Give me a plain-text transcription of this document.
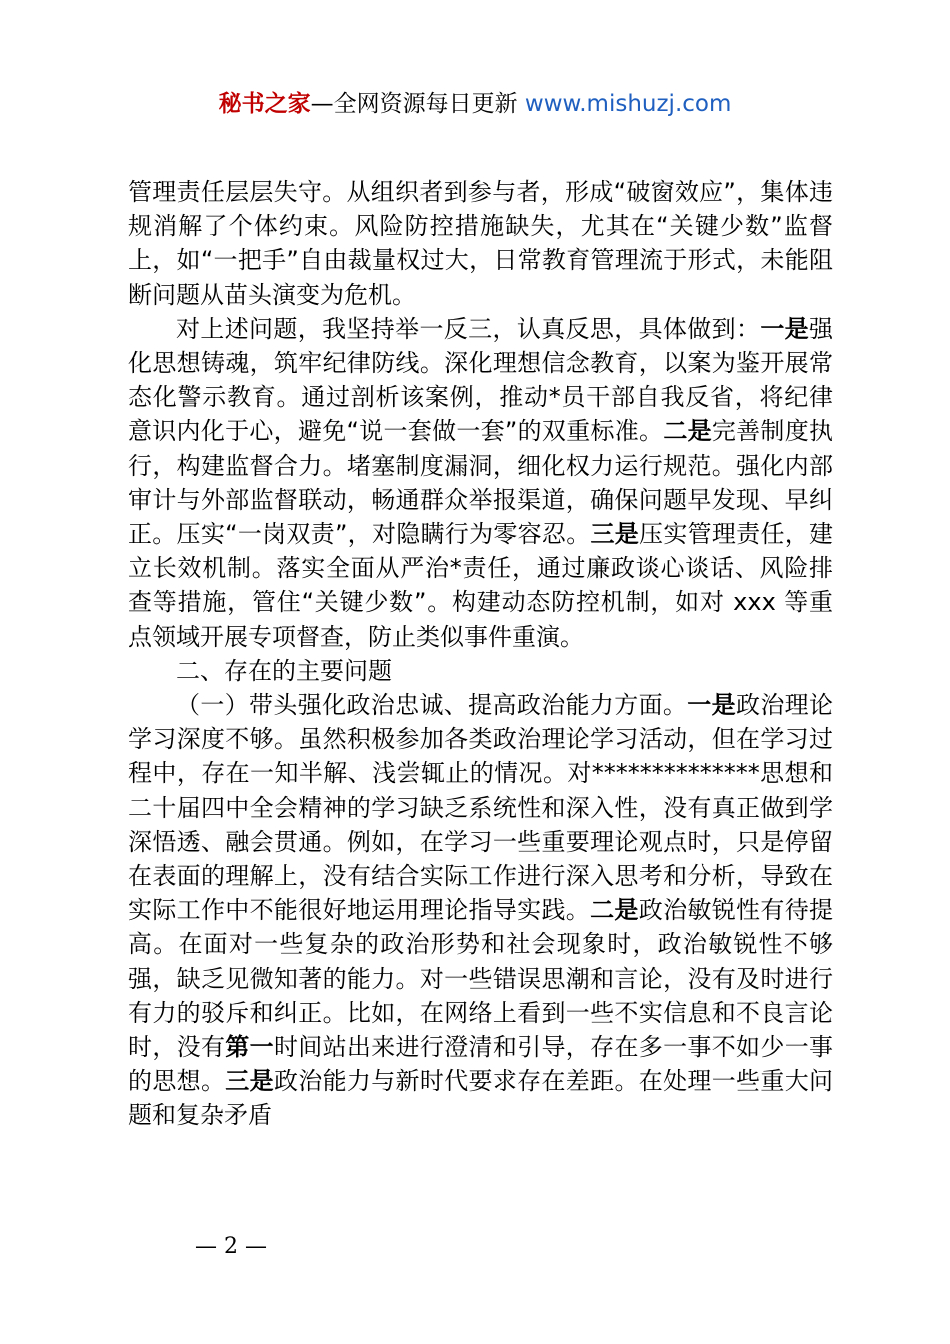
秘书之家—全网资源每日更新 www.mishuzj.com

管理责任层层失守。从组织者到参与者，形成“破窗效应”，集体违规消解了个体约束。风险防控措施缺失，尤其在“关键少数”监督上，如“一把手”自由裁量权过大，日常教育管理流于形式，未能阻断问题从苗头演变为危机。

对上述问题，我坚持举一反三，认真反思，具体做到：一是强化思想铸魂，筑牢纪律防线。深化理想信念教育，以案为鉴开展常态化警示教育。通过剖析该案例，推动*员干部自我反省，将纪律意识内化于心，避免“说一套做一套”的双重标准。二是完善制度执行，构建监督合力。堵塞制度漏洞，细化权力运行规范。强化内部审计与外部监督联动，畅通群众举报渠道，确保问题早发现、早纠正。压实“一岗双责”，对隐瞒行为零容忍。三是压实管理责任，建立长效机制。落实全面从严治*责任，通过廉政谈心谈话、风险排查等措施，管住“关键少数”。构建动态防控机制，如对 xxx 等重点领域开展专项督查，防止类似事件重演。

二、存在的主要问题

（一）带头强化政治忠诚、提高政治能力方面。一是政治理论学习深度不够。虽然积极参加各类政治理论学习活动，但在学习过程中，存在一知半解、浅尝辄止的情况。对**************思想和二十届四中全会精神的学习缺乏系统性和深入性，没有真正做到学深悟透、融会贯通。例如，在学习一些重要理论观点时，只是停留在表面的理解上，没有结合实际工作进行深入思考和分析，导致在实际工作中不能很好地运用理论指导实践。二是政治敏锐性有待提高。在面对一些复杂的政治形势和社会现象时，政治敏锐性不够强，缺乏见微知著的能力。对一些错误思潮和言论，没有及时进行有力的驳斥和纠正。比如，在网络上看到一些不实信息和不良言论时，没有第一时间站出来进行澄清和引导，存在多一事不如少一事的思想。三是政治能力与新时代要求存在差距。在处理一些重大问题和复杂矛盾

— 2 —
